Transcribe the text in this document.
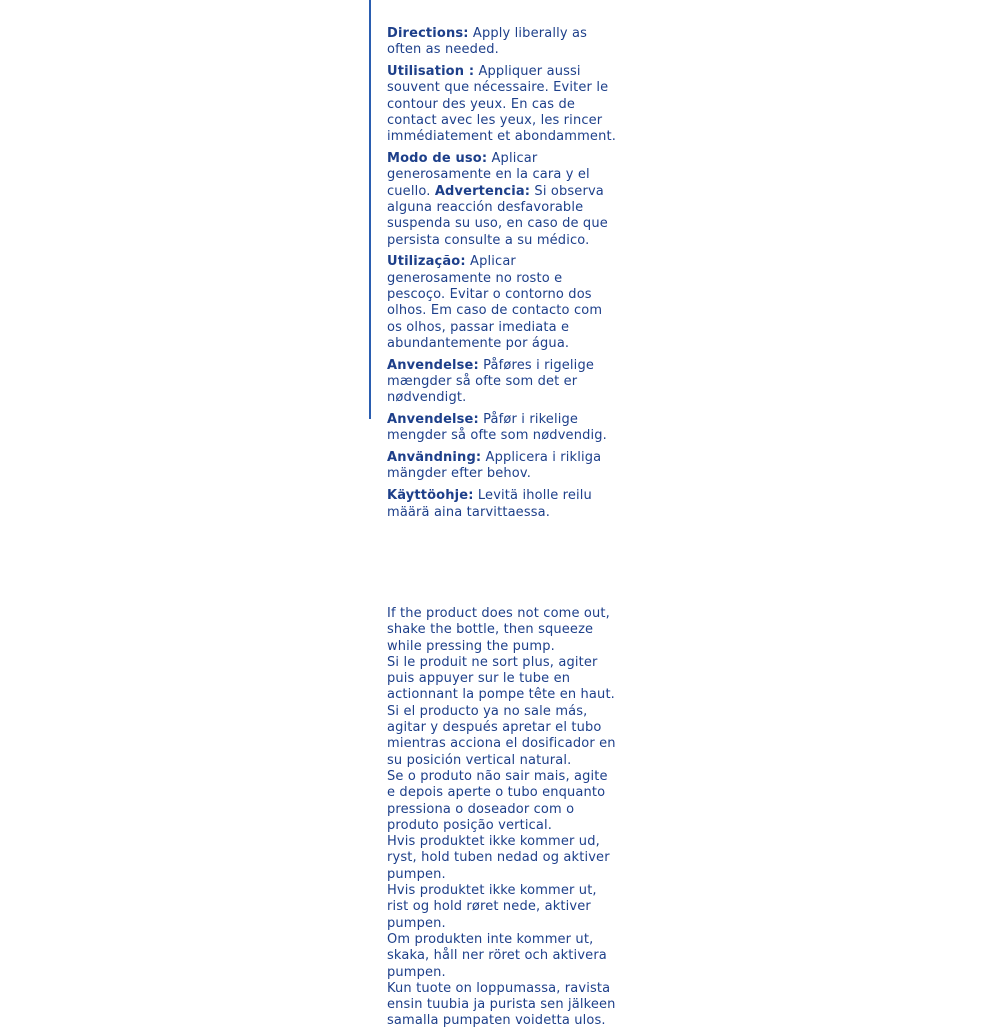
Directions: Apply liberally as often as needed.

Utilisation : Appliquer aussi souvent que nécessaire. Eviter le contour des yeux. En cas de contact avec les yeux, les rincer immédiatement et abondamment.

Modo de uso: Aplicar generosamente en la cara y el cuello. Advertencia: Si observa alguna reacción desfavorable suspenda su uso, en caso de que persista consulte a su médico.

Utilização: Aplicar generosamente no rosto e pescoço. Evitar o contorno dos olhos. Em caso de contacto com os olhos, passar imediata e abundantemente por água.

Anvendelse: Påføres i rigelige mængder så ofte som det er nødvendigt.

Anvendelse: Påfør i rikelige mengder så ofte som nødvendig.

Användning: Applicera i rikliga mängder efter behov.

Käyttöohje: Levitä iholle reilu määrä aina tarvittaessa.

If the product does not come out, shake the bottle, then squeeze while pressing the pump.

Si le produit ne sort plus, agiter puis appuyer sur le tube en actionnant la pompe tête en haut.

Si el producto ya no sale más, agitar y después apretar el tubo mientras acciona el dosificador en su posición vertical natural.

Se o produto não sair mais, agite e depois aperte o tubo enquanto pressiona o doseador com o produto posição vertical.

Hvis produktet ikke kommer ud, ryst, hold tuben nedad og aktiver pumpen.

Hvis produktet ikke kommer ut, rist og hold røret nede, aktiver pumpen.

Om produkten inte kommer ut, skaka, håll ner röret och aktivera pumpen.

Kun tuote on loppumassa, ravista ensin tuubia ja purista sen jälkeen samalla pumpaten voidetta ulos.
